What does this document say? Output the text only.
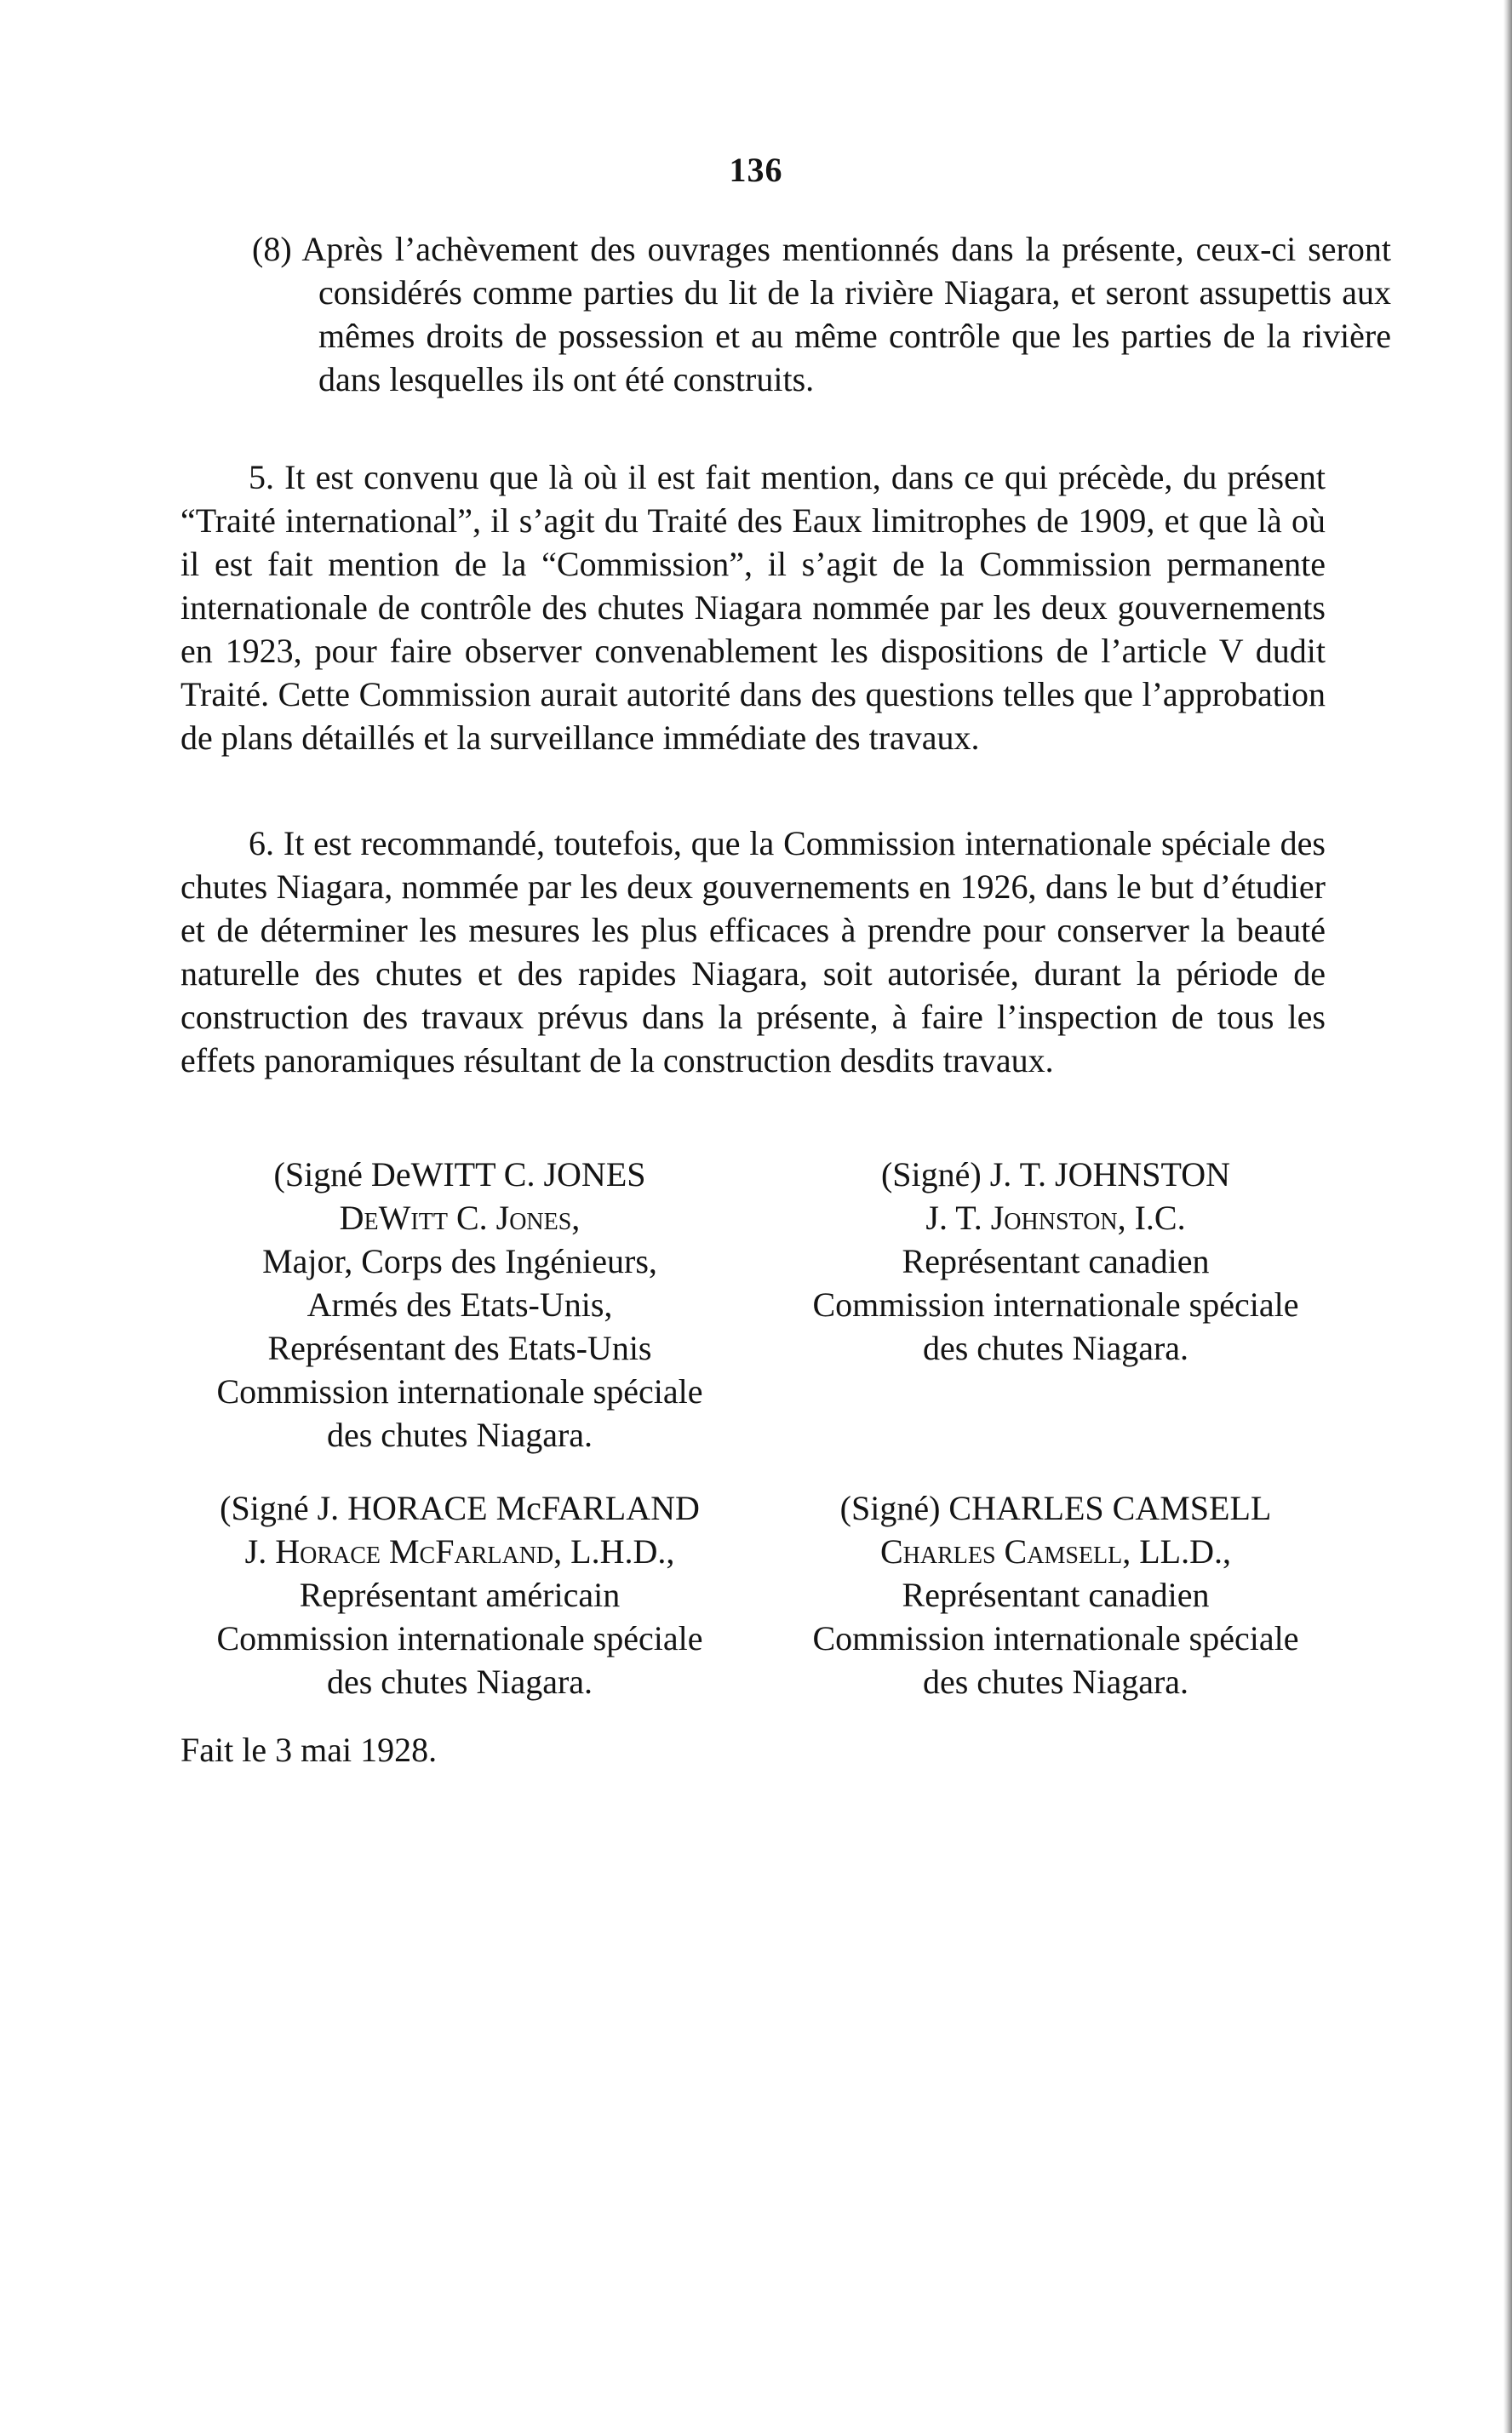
136

(8) Après l’achèvement des ouvrages mentionnés dans la présente, ceux-ci seront considérés comme parties du lit de la rivière Niagara, et seront assupettis aux mêmes droits de possession et au même contrôle que les parties de la rivière dans lesquelles ils ont été construits.

5. It est convenu que là où il est fait mention, dans ce qui précède, du présent “Traité international”, il s’agit du Traité des Eaux limitrophes de 1909, et que là où il est fait mention de la “Commission”, il s’agit de la Commission permanente internationale de contrôle des chutes Niagara nommée par les deux gouvernements en 1923, pour faire observer convenablement les dispositions de l’article V dudit Traité. Cette Commission aurait autorité dans des questions telles que l’approbation de plans détaillés et la surveillance immédiate des travaux.

6. It est recommandé, toutefois, que la Commission internationale spéciale des chutes Niagara, nommée par les deux gouvernements en 1926, dans le but d’étudier et de déterminer les mesures les plus efficaces à prendre pour conserver la beauté naturelle des chutes et des rapides Niagara, soit autorisée, durant la période de construction des travaux prévus dans la présente, à faire l’inspection de tous les effets panoramiques résultant de la construction desdits travaux.

(Signé DeWITT C. JONES
DeWitt C. Jones,
Major, Corps des Ingénieurs,
Armés des Etats-Unis,
Représentant des Etats-Unis
Commission internationale spéciale
des chutes Niagara.
(Signé) J. T. JOHNSTON
J. T. Johnston, I.C.
Représentant canadien
Commission internationale spéciale
des chutes Niagara.
(Signé J. HORACE McFARLAND
J. Horace McFarland, L.H.D.,
Représentant américain
Commission internationale spéciale
des chutes Niagara.
(Signé) CHARLES CAMSELL
Charles Camsell, LL.D.,
Représentant canadien
Commission internationale spéciale
des chutes Niagara.
Fait le 3 mai 1928.
